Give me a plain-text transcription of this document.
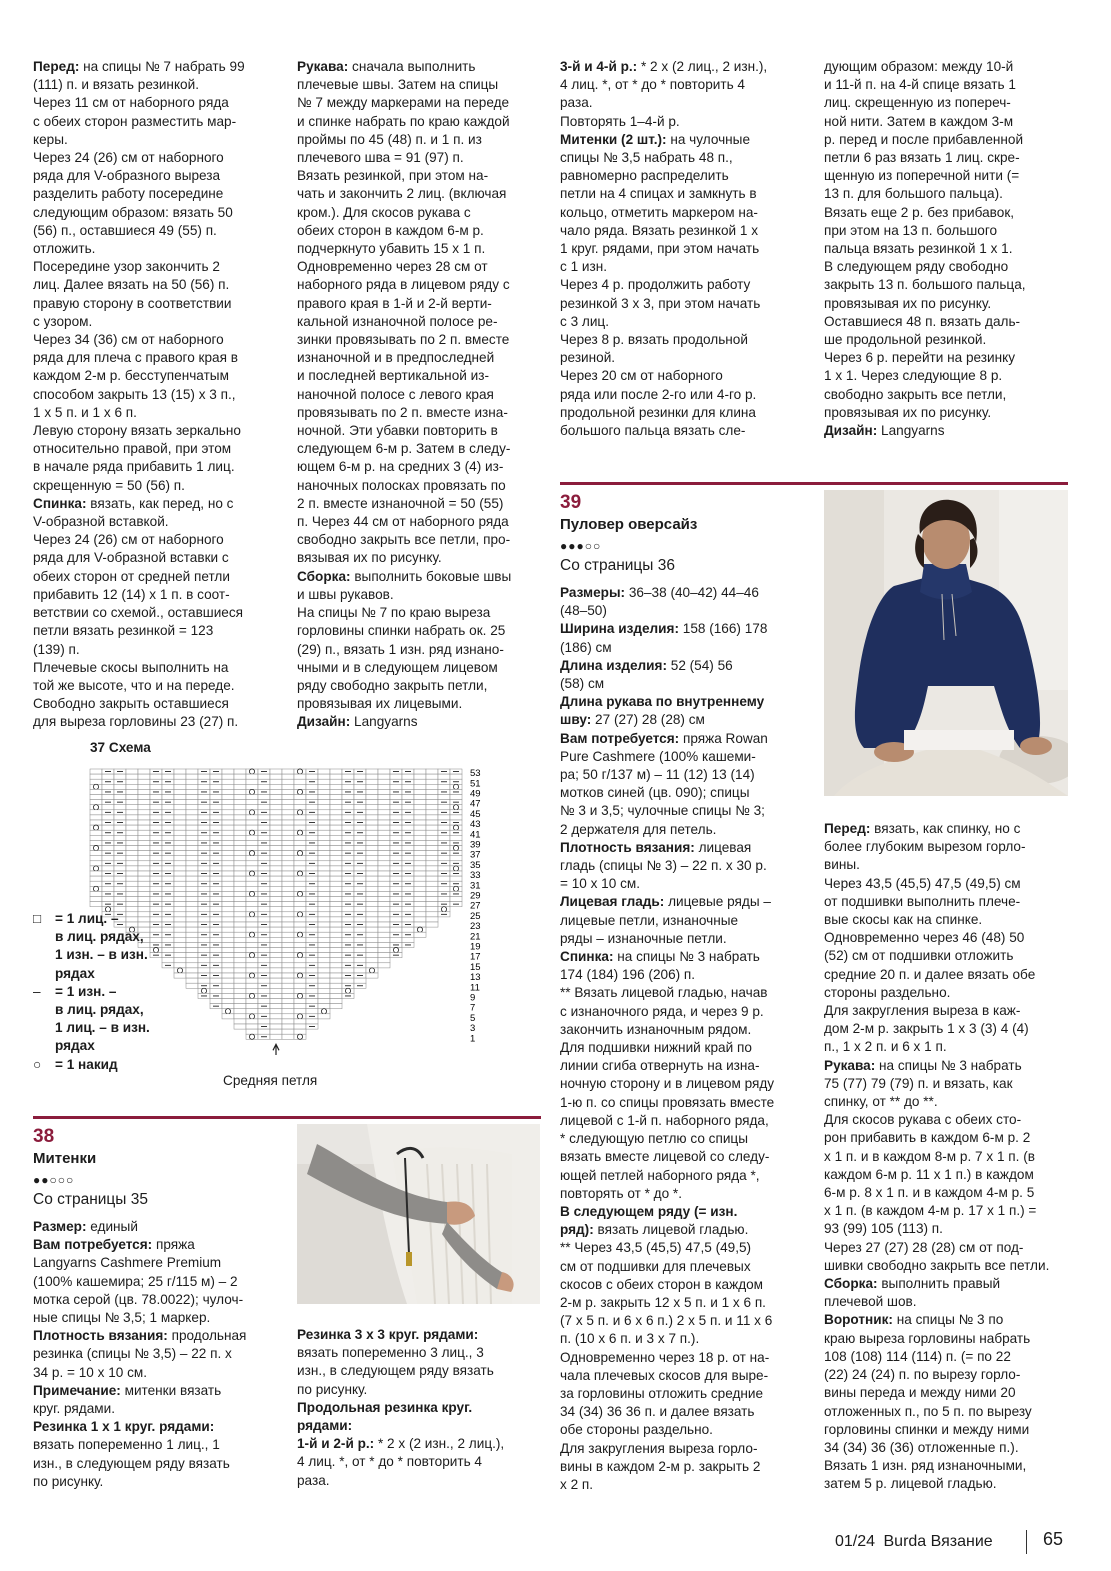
Перед: на спицы № 7 набрать 99

(111) п. и вязать резинкой.

Через 11 см от наборного ряда

с обеих сторон разместить мар-

керы.

Через 24 (26) см от наборного

ряда для V-образного выреза

разделить работу посередине

следующим образом: вязать 50

(56) п., оставшиеся 49 (55) п.

отложить.

Посередине узор закончить 2

лиц. Далее вязать на 50 (56) п.

правую сторону в соответствии

с узором.

Через 34 (36) см от наборного

ряда для плеча с правого края в

каждом 2-м р. бесступенчатым

способом закрыть 13 (15) х 3 п.,

1 х 5 п. и 1 х 6 п.

Левую сторону вязать зеркально

относительно правой, при этом

в начале ряда прибавить 1 лиц.

скрещенную = 50 (56) п.

Спинка: вязать, как перед, но с

V-образной вставкой.

Через 24 (26) см от наборного

ряда для V-образной вставки с

обеих сторон от средней петли

прибавить 12 (14) х 1 п. в соот-

ветствии со схемой., оставшиеся

петли вязать резинкой = 123

(139) п.

Плечевые скосы выполнить на

той же высоте, что и на переде.

Свободно закрыть оставшиеся

для выреза горловины 23 (27) п.

Рукава: сначала выполнить

плечевые швы. Затем на спицы

№ 7 между маркерами на переде

и спинке набрать по краю каждой

проймы по 45 (48) п. и 1 п. из

плечевого шва = 91 (97) п.

Вязать резинкой, при этом на-

чать и закончить 2 лиц. (включая

кром.). Для скосов рукава с

обеих сторон в каждом 6-м р.

подчеркнуто убавить 15 х 1 п.

Одновременно через 28 см от

наборного ряда в лицевом ряду с

правого края в 1-й и 2-й верти-

кальной изнаночной полосе ре-

зинки провязывать по 2 п. вместе

изнаночной и в предпоследней

и последней вертикальной из-

наночной полосе с левого края

провязывать по 2 п. вместе изна-

ночной. Эти убавки повторить в

следующем 6-м р. Затем в следу-

ющем 6-м р. на средних 3 (4) из-

наночных полосках провязать по

2 п. вместе изнаночной = 50 (55)

п. Через 44 см от наборного ряда

свободно закрыть все петли, про-

вязывая их по рисунку.

Сборка: выполнить боковые швы

и швы рукавов.

На спицы № 7 по краю выреза

горловины спинки набрать ок. 25

(29) п., вязать 1 изн. ряд изнано-

чными и в следующем лицевом

ряду свободно закрыть петли,

провязывая их лицевыми.

Дизайн: Langyarns

3-й и 4-й р.: * 2 х (2 лиц., 2 изн.),

4 лиц. *, от * до * повторить 4

раза.

Повторять 1–4-й р.

Митенки (2 шт.): на чулочные

спицы № 3,5 набрать 48 п.,

равномерно распределить

петли на 4 спицах и замкнуть в

кольцо, отметить маркером на-

чало ряда. Вязать резинкой 1 х

1 круг. рядами, при этом начать

с 1 изн.

Через 4 р. продолжить работу

резинкой 3 х 3, при этом начать

с 3 лиц.

Через 8 р. вязать продольной

резиной.

Через 20 см от наборного

ряда или после 2-го или 4-го р.

продольной резинки для клина

большого пальца вязать сле-

дующим образом: между 10-й

и 11-й п. на 4-й спице вязать 1

лиц. скрещенную из попереч-

ной нити. Затем в каждом 3-м

р. перед и после прибавленной

петли 6 раз вязать 1 лиц. скре-

щенную из поперечной нити (=

13 п. для большого пальца).

Вязать еще 2 р. без прибавок,

при этом на 13 п. большого

пальца вязать резинкой 1 х 1.

В следующем ряду свободно

закрыть 13 п. большого пальца,

провязывая их по рисунку.

Оставшиеся 48 п. вязать даль-

ше продольной резинкой.

Через 6 р. перейти на резинку

1 х 1. Через следующие 8 р.

свободно закрыть все петли,

провязывая их по рисунку.

Дизайн: Langyarns

39
Пуловер оверсайз
●●●○○
Со страницы 36

Размеры: 36–38 (40–42) 44–46

(48–50)

Ширина изделия: 158 (166) 178

(186) см

Длина изделия: 52 (54) 56

(58) см

Длина рукава по внутреннему

шву: 27 (27) 28 (28) см

Вам потребуется: пряжа Rowan

Pure Cashmere (100% кашеми-

ра; 50 г/137 м) – 11 (12) 13 (14)

мотков синей (цв. 090); спицы

№ 3 и 3,5; чулочные спицы № 3;

2 держателя для петель.

Плотность вязания: лицевая

гладь (спицы № 3) – 22 п. х 30 р.

= 10 х 10 см.

Лицевая гладь: лицевые ряды –

лицевые петли, изнаночные

ряды – изнаночные петли.

Спинка: на спицы № 3 набрать

174 (184) 196 (206) п.

** Вязать лицевой гладью, начав

с изнаночного ряда, и через 9 р.

закончить изнаночным рядом.

Для подшивки нижний край по

линии сгиба отвернуть на изна-

ночную сторону и в лицевом ряду

1-ю п. со спицы провязать вместе

лицевой с 1-й п. наборного ряда,

* следующую петлю со спицы

вязать вместе лицевой со следу-

ющей петлей наборного ряда *,

повторять от * до *.

В следующем ряду (= изн.

ряд): вязать лицевой гладью.

** Через 43,5 (45,5) 47,5 (49,5)

см от подшивки для плечевых

скосов с обеих сторон в каждом

2-м р. закрыть 12 х 5 п. и 1 х 6 п.

(7 х 5 п. и 6 х 6 п.) 2 х 5 п. и 11 х 6

п. (10 х 6 п. и 3 х 7 п.).

Одновременно через 18 р. от на-

чала плечевых скосов для выре-

за горловины отложить средние

34 (34) 36 36 п. и далее вязать

обе стороны раздельно.

Для закругления выреза горло-

вины в каждом 2-м р. закрыть 2

х 2 п.

Перед: вязать, как спинку, но с

более глубоким вырезом горло-

вины.

Через 43,5 (45,5) 47,5 (49,5) см

от подшивки выполнить плече-

вые скосы как на спинке.

Одновременно через 46 (48) 50

(52) см от подшивки отложить

средние 20 п. и далее вязать обе

стороны раздельно.

Для закругления выреза в каж-

дом 2-м р. закрыть 1 х 3 (3) 4 (4)

п., 1 х 2 п. и 6 х 1 п.

Рукава: на спицы № 3 набрать

75 (77) 79 (79) п. и вязать, как

спинку, от ** до **.

Для скосов рукава с обеих сто-

рон прибавить в каждом 6-м р. 2

х 1 п. и в каждом 8-м р. 7 х 1 п. (в

каждом 6-м р. 11 х 1 п.) в каждом

6-м р. 8 х 1 п. и в каждом 4-м р. 5

х 1 п. (в каждом 4-м р. 17 х 1 п.) =

93 (99) 105 (113) п.

Через 27 (27) 28 (28) см от под-

шивки свободно закрыть все петли.

Сборка: выполнить правый

плечевой шов.

Воротник: на спицы № 3 по

краю выреза горловины набрать

108 (108) 114 (114) п. (= по 22

(22) 24 (24) п. по вырезу горло-

вины переда и между ними 20

отложенных п., по 5 п. по вырезу

горловины спинки и между ними

34 (34) 36 (36) отложенные п.).

Вязать 1 изн. ряд изнаночными,

затем 5 р. лицевой гладью.

37 Схема
53
51
49
47
45
43
41
39
37
35
33
31
29
27
25
23
21
19
17
15
13
11
9
7
5
3
1
Средняя петля
□ = 1 лиц. –
в лиц. рядах,
1 изн. – в изн.
рядах
– = 1 изн. –
в лиц. рядах,
1 лиц. – в изн.
рядах
○ = 1 накид
38
Митенки
●●○○○
Со страницы 35

Размер: единый

Вам потребуется: пряжа

Langyarns Cashmere Premium

(100% кашемира; 25 г/115 м) – 2

мотка серой (цв. 78.0022); чулоч-

ные спицы № 3,5; 1 маркер.

Плотность вязания: продольная

резинка (спицы № 3,5) – 22 п. х

34 р. = 10 х 10 см.

Примечание: митенки вязать

круг. рядами.

Резинка 1 х 1 круг. рядами:

вязать попеременно 1 лиц., 1

изн., в следующем ряду вязать

по рисунку.

Резинка 3 х 3 круг. рядами:

вязать попеременно 3 лиц., 3

изн., в следующем ряду вязать

по рисунку.

Продольная резинка круг.

рядами:

1-й и 2-й р.: * 2 х (2 изн., 2 лиц.),

4 лиц. *, от * до * повторить 4

раза.

01/24 Burda Вязание	65
